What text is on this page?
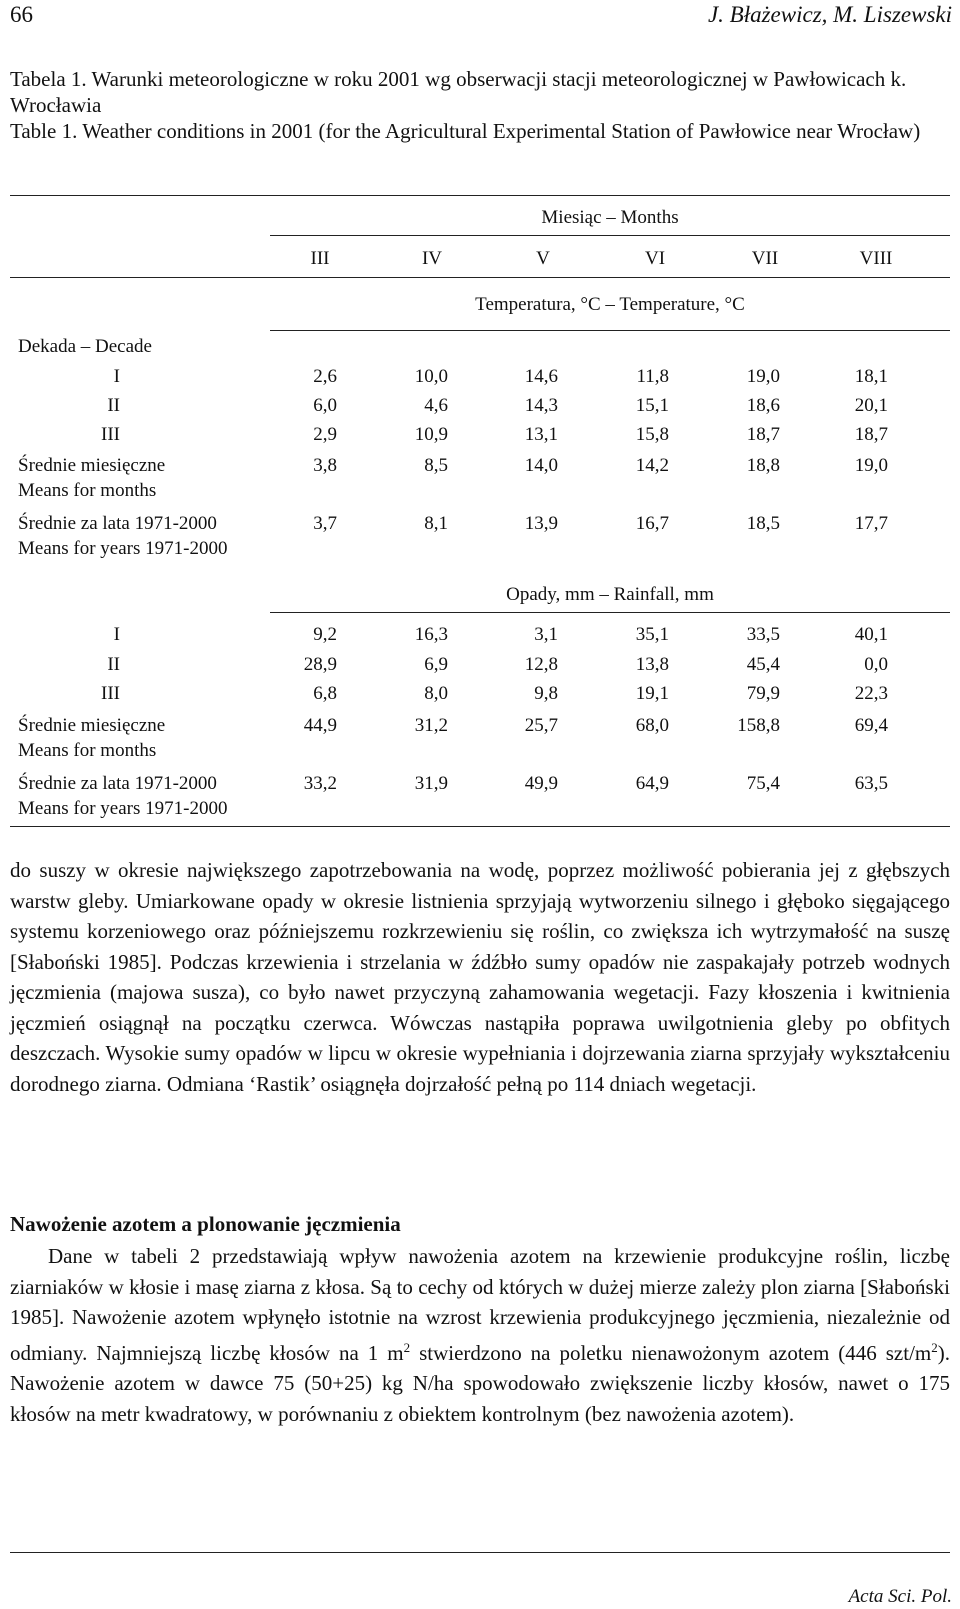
66	J. Błażewicz, M. Liszewski
Tabela 1. Warunki meteorologiczne w roku 2001 wg obserwacji stacji meteorologicznej w Pawłowicach k. Wrocławia
Table 1. Weather conditions in 2001 (for the Agricultural Experimental Station of Pawłowice near Wrocław)
Miesiąc – Months
III	IV	V	VI	VII	VIII
Temperatura, °C – Temperature, °C
Dekada – Decade
I	2,6	10,0	14,6	11,8	19,0	18,1
II	6,0	4,6	14,3	15,1	18,6	20,1
III	2,9	10,9	13,1	15,8	18,7	18,7
Średnie miesięczne
Means for months
3,8	8,5	14,0	14,2	18,8	19,0
Średnie za lata 1971-2000
Means for years 1971-2000
3,7	8,1	13,9	16,7	18,5	17,7
Opady, mm – Rainfall, mm
I	9,2	16,3	3,1	35,1	33,5	40,1
II	28,9	6,9	12,8	13,8	45,4	0,0
III	6,8	8,0	9,8	19,1	79,9	22,3
Średnie miesięczne
Means for months
44,9	31,2	25,7	68,0	158,8	69,4
Średnie za lata 1971-2000
Means for years 1971-2000
33,2	31,9	49,9	64,9	75,4	63,5

do suszy w okresie największego zapotrzebowania na wodę, poprzez możliwość pobierania jej z głębszych warstw gleby. Umiarkowane opady w okresie listnienia sprzyjają wytworzeniu silnego i głęboko sięgającego systemu korzeniowego oraz późniejszemu rozkrzewieniu się roślin, co zwiększa ich wytrzymałość na suszę [Słaboński 1985]. Podczas krzewienia i strzelania w źdźbło sumy opadów nie zaspakajały potrzeb wodnych jęczmienia (majowa susza), co było nawet przyczyną zahamowania wegetacji. Fazy kłoszenia i kwitnienia jęczmień osiągnął na początku czerwca. Wówczas nastąpiła poprawa uwilgotnienia gleby po obfitych deszczach. Wysokie sumy opadów w lipcu w okresie wypełniania i dojrzewania ziarna sprzyjały wykształceniu dorodnego ziarna. Odmiana ‘Rastik’ osiągnęła dojrzałość pełną po 114 dniach wegetacji.

Nawożenie azotem a plonowanie jęczmienia

Dane w tabeli 2 przedstawiają wpływ nawożenia azotem na krzewienie produkcyjne roślin, liczbę ziarniaków w kłosie i masę ziarna z kłosa. Są to cechy od których w dużej mierze zależy plon ziarna [Słaboński 1985]. Nawożenie azotem wpłynęło istotnie na wzrost krzewienia produkcyjnego jęczmienia, niezależnie od odmiany. Najmniejszą liczbę kłosów na 1 $m^2$ stwierdzono na poletku nienawożonym azotem (446 szt/$m^2$). Nawożenie azotem w dawce 75 (50+25) kg N/ha spowodowało zwiększenie liczby kłosów, nawet o 175 kłosów na metr kwadratowy, w porównaniu z obiektem kontrolnym (bez nawożenia azotem).

Acta Sci. Pol.
